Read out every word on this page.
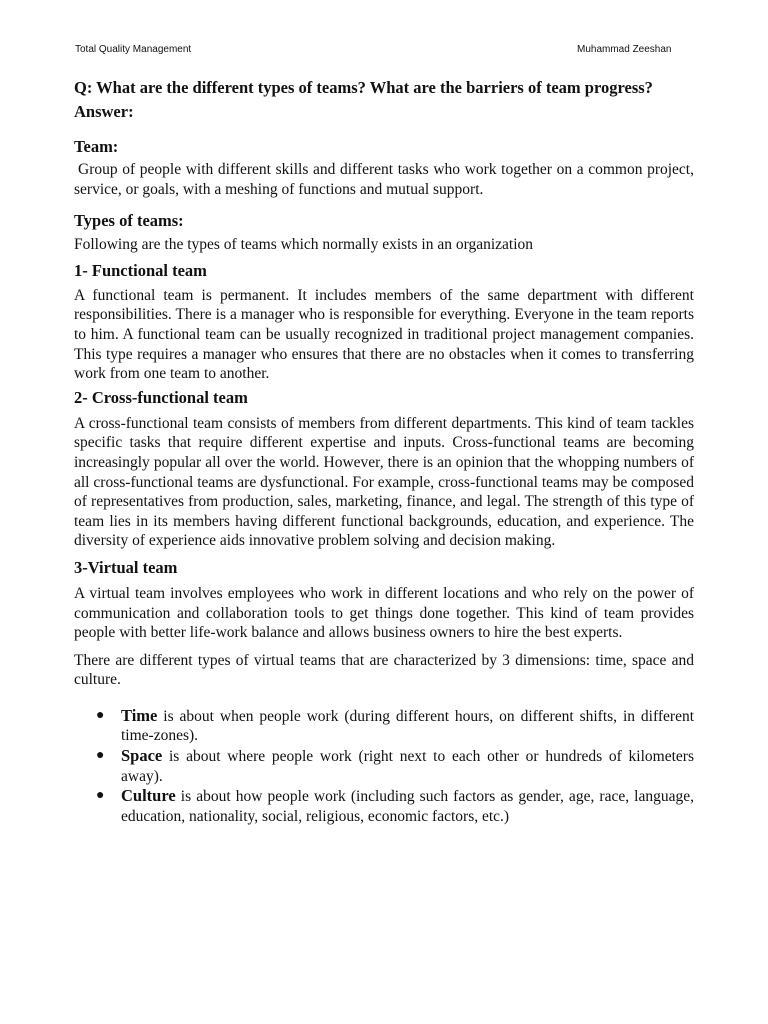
Total Quality Management	Muhammad Zeeshan

Q: What are the different types of teams? What are the barriers of team progress?

Answer:
Team:

Group of people with different skills and different tasks who work together on a common project, service, or goals, with a meshing of functions and mutual support.

Types of teams:

Following are the types of teams which normally exists in an organization

1- Functional team

A functional team is permanent. It includes members of the same department with different responsibilities. There is a manager who is responsible for everything. Everyone in the team reports to him. A functional team can be usually recognized in traditional project management companies. This type requires a manager who ensures that there are no obstacles when it comes to transferring work from one team to another.

2- Cross-functional team

A cross-functional team consists of members from different departments. This kind of team tackles specific tasks that require different expertise and inputs. Cross-functional teams are becoming increasingly popular all over the world. However, there is an opinion that the whopping numbers of all cross-functional teams are dysfunctional. For example, cross-functional teams may be composed of representatives from production, sales, marketing, finance, and legal. The strength of this type of team lies in its members having different functional backgrounds, education, and experience. The diversity of experience aids innovative problem solving and decision making.

3-Virtual team

A virtual team involves employees who work in different locations and who rely on the power of communication and collaboration tools to get things done together. This kind of team provides people with better life-work balance and allows business owners to hire the best experts.

There are different types of virtual teams that are characterized by 3 dimensions: time, space and culture.

● Time is about when people work (during different hours, on different shifts, in different time-zones).
● Space is about where people work (right next to each other or hundreds of kilometers away).
● Culture is about how people work (including such factors as gender, age, race, language, education, nationality, social, religious, economic factors, etc.)
